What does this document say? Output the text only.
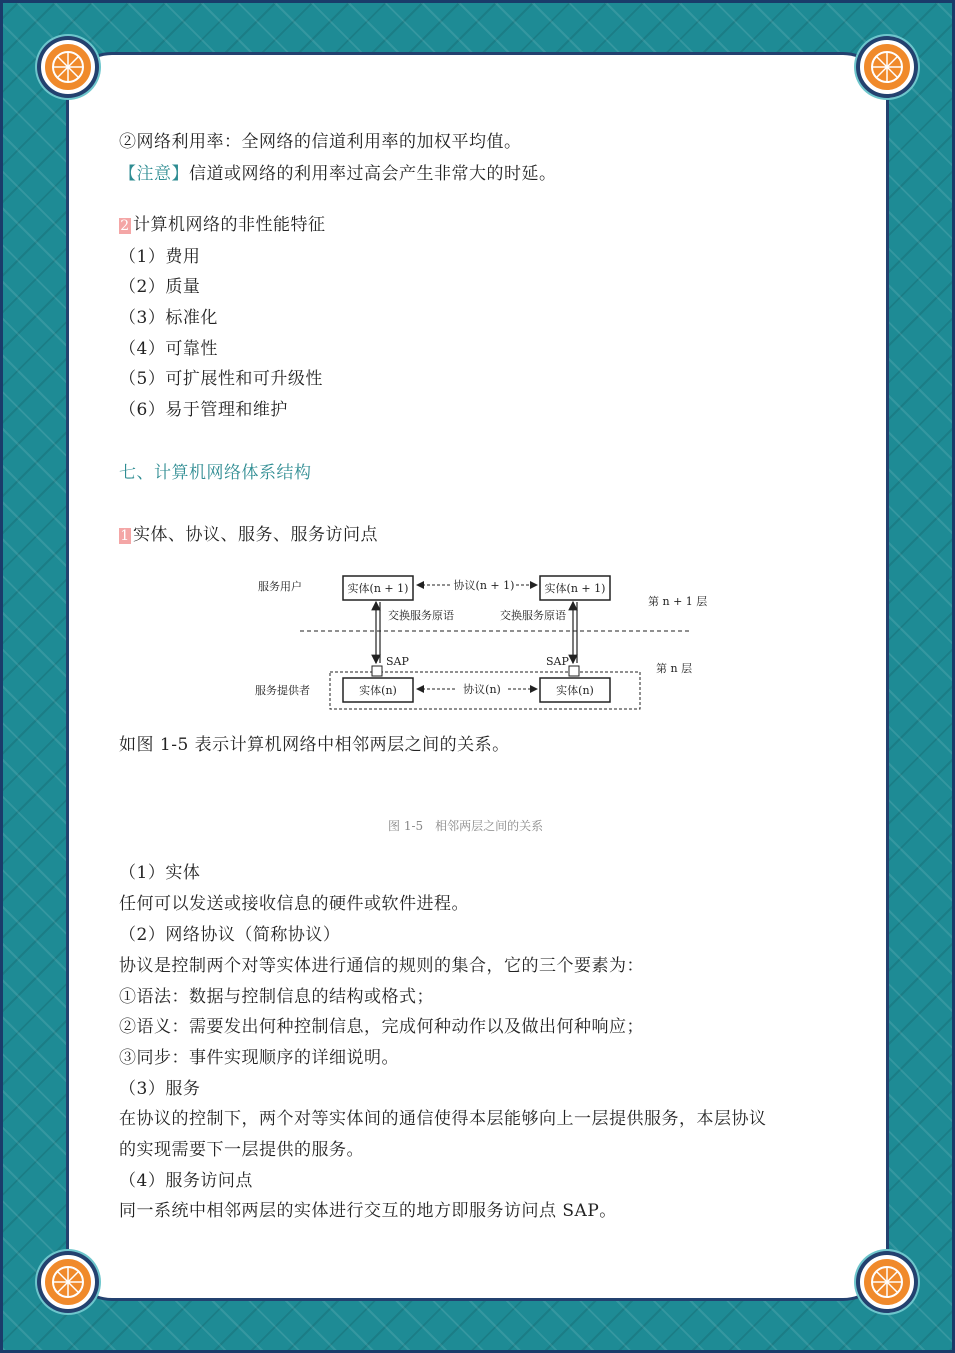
②网络利用率：全网络的信道利用率的加权平均值。
【注意】信道或网络的利用率过高会产生非常大的时延。
2 计算机网络的非性能特征
（1）费用
（2）质量
（3）标准化
（4）可靠性
（5）可扩展性和可升级性
（6）易于管理和维护
七、计算机网络体系结构
1 实体、协议、服务、服务访问点
服务用户
服务提供者
实体(n + 1)	实体(n + 1)
协议(n + 1)
第 n + 1 层
交换服务原语	交换服务原语
SAP	SAP
第 n 层
实体(n)	实体(n)
协议(n)
如图 1-5 表示计算机网络中相邻两层之间的关系。
图 1-5　相邻两层之间的关系
（1）实体
任何可以发送或接收信息的硬件或软件进程。
（2）网络协议（简称协议）
协议是控制两个对等实体进行通信的规则的集合，它的三个要素为：
①语法：数据与控制信息的结构或格式；
②语义：需要发出何种控制信息，完成何种动作以及做出何种响应；
③同步：事件实现顺序的详细说明。
（3）服务
在协议的控制下，两个对等实体间的通信使得本层能够向上一层提供服务，本层协议
的实现需要下一层提供的服务。
（4）服务访问点
同一系统中相邻两层的实体进行交互的地方即服务访问点 SAP。
